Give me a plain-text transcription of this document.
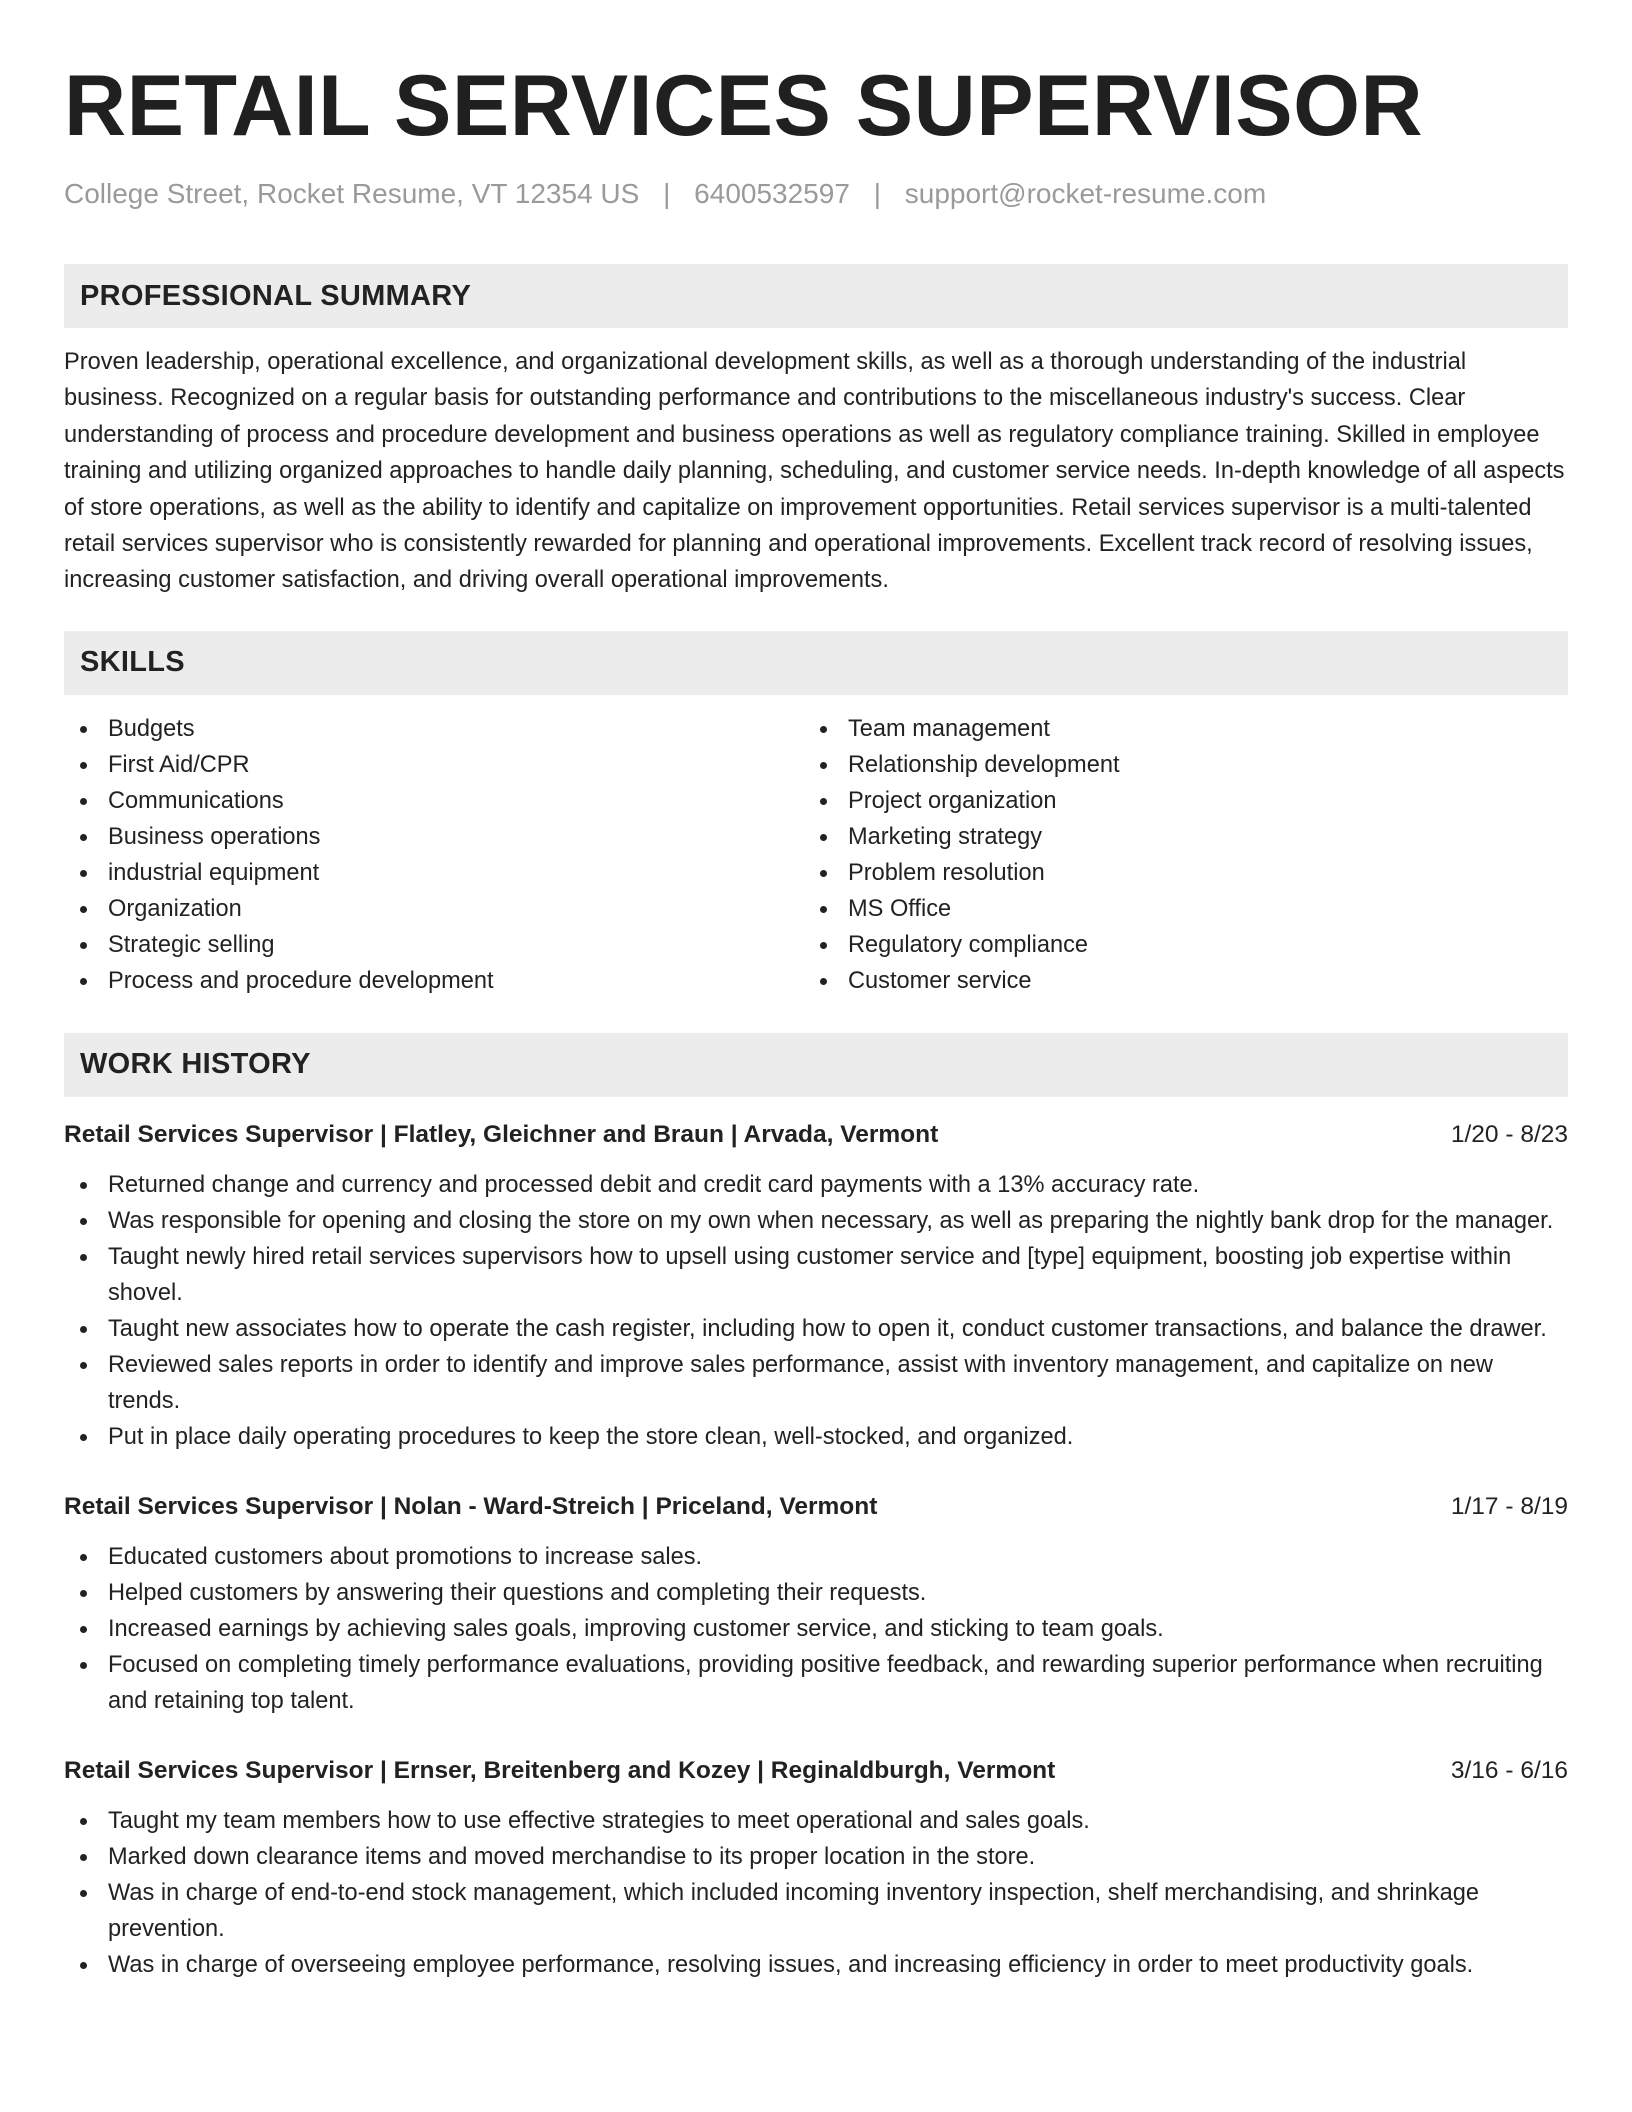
RETAIL SERVICES SUPERVISOR
College Street, Rocket Resume, VT 12354 US | 6400532597 | support@rocket-resume.com
PROFESSIONAL SUMMARY

Proven leadership, operational excellence, and organizational development skills, as well as a thorough understanding of the industrial business. Recognized on a regular basis for outstanding performance and contributions to the miscellaneous industry's success. Clear understanding of process and procedure development and business operations as well as regulatory compliance training. Skilled in employee training and utilizing organized approaches to handle daily planning, scheduling, and customer service needs. In-depth knowledge of all aspects of store operations, as well as the ability to identify and capitalize on improvement opportunities. Retail services supervisor is a multi-talented retail services supervisor who is consistently rewarded for planning and operational improvements. Excellent track record of resolving issues, increasing customer satisfaction, and driving overall operational improvements.

SKILLS
Budgets
First Aid/CPR
Communications
Business operations
industrial equipment
Organization
Strategic selling
Process and procedure development
Team management
Relationship development
Project organization
Marketing strategy
Problem resolution
MS Office
Regulatory compliance
Customer service
WORK HISTORY
Retail Services Supervisor | Flatley, Gleichner and Braun | Arvada, Vermont	1/20 - 8/23
Returned change and currency and processed debit and credit card payments with a 13% accuracy rate.
Was responsible for opening and closing the store on my own when necessary, as well as preparing the nightly bank drop for the manager.
Taught newly hired retail services supervisors how to upsell using customer service and [type] equipment, boosting job expertise within shovel.
Taught new associates how to operate the cash register, including how to open it, conduct customer transactions, and balance the drawer.
Reviewed sales reports in order to identify and improve sales performance, assist with inventory management, and capitalize on new trends.
Put in place daily operating procedures to keep the store clean, well-stocked, and organized.
Retail Services Supervisor | Nolan - Ward-Streich | Priceland, Vermont	1/17 - 8/19
Educated customers about promotions to increase sales.
Helped customers by answering their questions and completing their requests.
Increased earnings by achieving sales goals, improving customer service, and sticking to team goals.
Focused on completing timely performance evaluations, providing positive feedback, and rewarding superior performance when recruiting and retaining top talent.
Retail Services Supervisor | Ernser, Breitenberg and Kozey | Reginaldburgh, Vermont	3/16 - 6/16
Taught my team members how to use effective strategies to meet operational and sales goals.
Marked down clearance items and moved merchandise to its proper location in the store.
Was in charge of end-to-end stock management, which included incoming inventory inspection, shelf merchandising, and shrinkage prevention.
Was in charge of overseeing employee performance, resolving issues, and increasing efficiency in order to meet productivity goals.
